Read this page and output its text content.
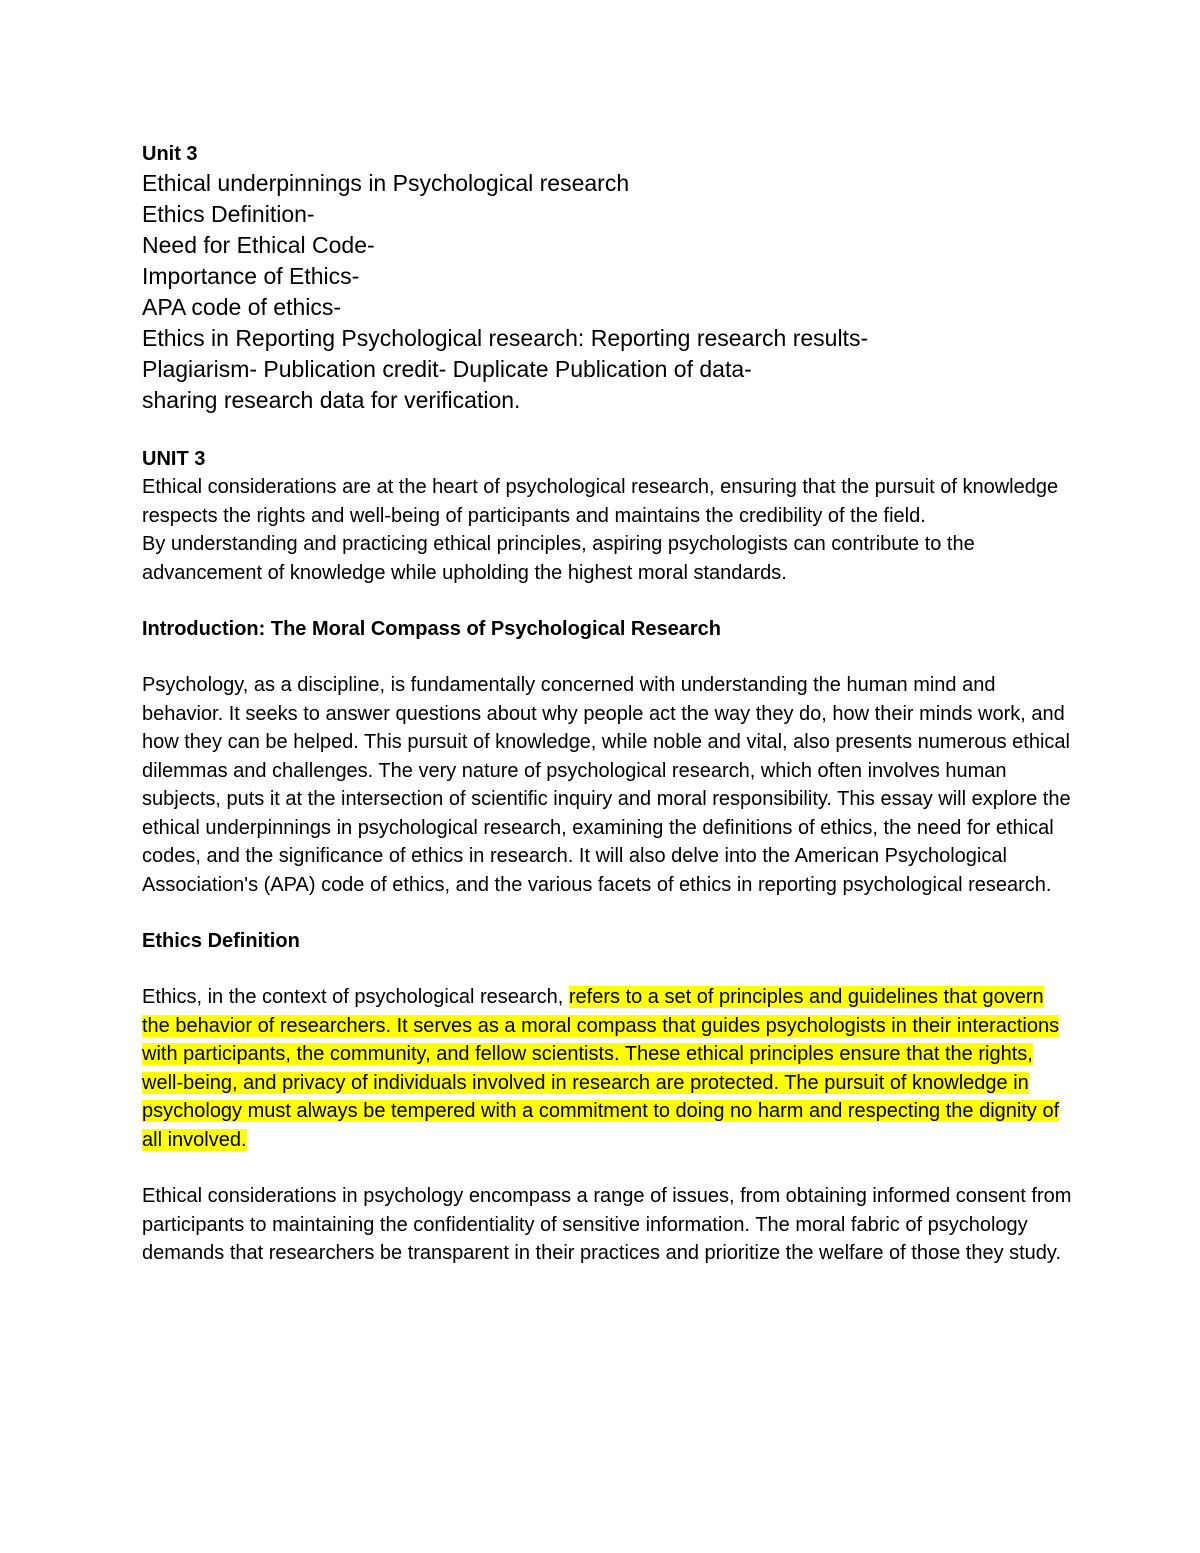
Unit 3

Ethical underpinnings in Psychological research

Ethics Definition-

Need for Ethical Code-

Importance of Ethics-

APA code of ethics-

Ethics in Reporting Psychological research: Reporting research results-

Plagiarism- Publication credit- Duplicate Publication of data-

sharing research data for verification.

UNIT 3

Ethical considerations are at the heart of psychological research, ensuring that the pursuit of knowledge respects the rights and well-being of participants and maintains the credibility of the field.

By understanding and practicing ethical principles, aspiring psychologists can contribute to the advancement of knowledge while upholding the highest moral standards.

Introduction: The Moral Compass of Psychological Research

Psychology, as a discipline, is fundamentally concerned with understanding the human mind and behavior. It seeks to answer questions about why people act the way they do, how their minds work, and how they can be helped. This pursuit of knowledge, while noble and vital, also presents numerous ethical dilemmas and challenges. The very nature of psychological research, which often involves human subjects, puts it at the intersection of scientific inquiry and moral responsibility. This essay will explore the ethical underpinnings in psychological research, examining the definitions of ethics, the need for ethical codes, and the significance of ethics in research. It will also delve into the American Psychological Association's (APA) code of ethics, and the various facets of ethics in reporting psychological research.

Ethics Definition

Ethics, in the context of psychological research, refers to a set of principles and guidelines that govern the behavior of researchers. It serves as a moral compass that guides psychologists in their interactions with participants, the community, and fellow scientists. These ethical principles ensure that the rights, well-being, and privacy of individuals involved in research are protected. The pursuit of knowledge in psychology must always be tempered with a commitment to doing no harm and respecting the dignity of all involved.

Ethical considerations in psychology encompass a range of issues, from obtaining informed consent from participants to maintaining the confidentiality of sensitive information. The moral fabric of psychology demands that researchers be transparent in their practices and prioritize the welfare of those they study.
